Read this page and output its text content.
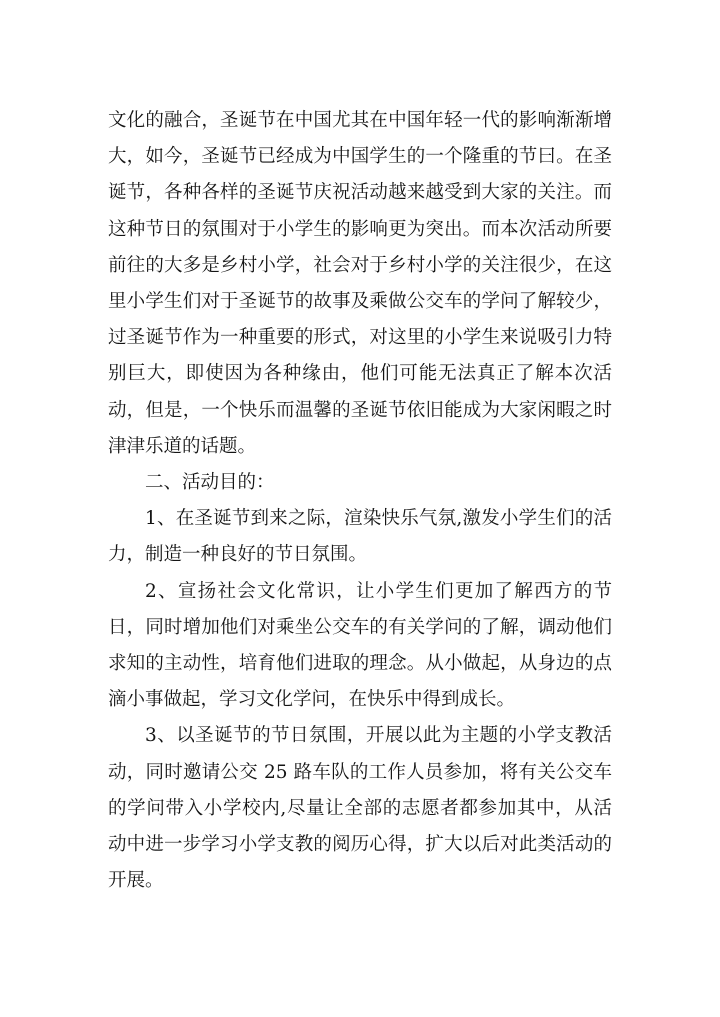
文化的融合，圣诞节在中国尤其在中国年轻一代的影响渐渐增大，如今，圣诞节已经成为中国学生的一个隆重的节曰。在圣诞节，各种各样的圣诞节庆祝活动越来越受到大家的关注。而这种节日的氛围对于小学生的影响更为突出。而本次活动所要前往的大多是乡村小学，社会对于乡村小学的关注很少，在这里小学生们对于圣诞节的故事及乘做公交车的学问了解较少，过圣诞节作为一种重要的形式，对这里的小学生来说吸引力特别巨大，即使因为各种缘由，他们可能无法真正了解本次活动，但是，一个快乐而温馨的圣诞节依旧能成为大家闲暇之时津津乐道的话题。

二、活动目的：

1、在圣诞节到来之际，渲染快乐气氛,激发小学生们的活力，制造一种良好的节日氛围。

2、宣扬社会文化常识，让小学生们更加了解西方的节日，同时增加他们对乘坐公交车的有关学问的了解，调动他们求知的主动性，培育他们进取的理念。从小做起，从身边的点滴小事做起，学习文化学问，在快乐中得到成长。

3、以圣诞节的节日氛围，开展以此为主题的小学支教活动，同时邀请公交 25 路车队的工作人员参加，将有关公交车的学问带入小学校内,尽量让全部的志愿者都参加其中，从活动中进一步学习小学支教的阅历心得，扩大以后对此类活动的开展。
